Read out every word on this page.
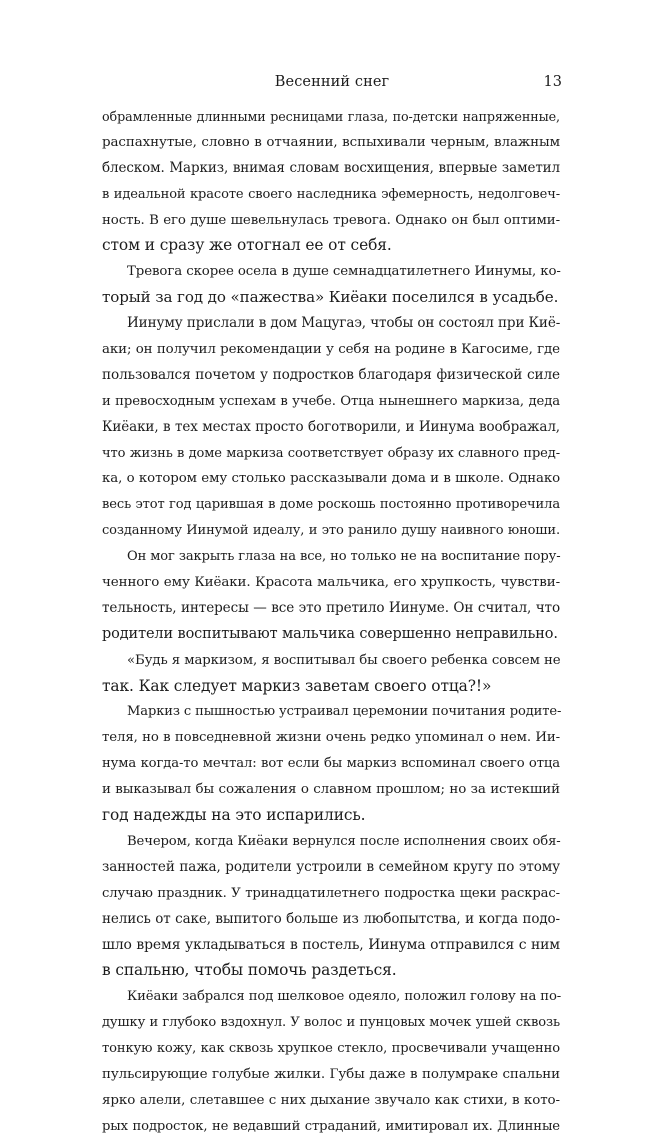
Весенний снег	13
обрамленные длинными ресницами глаза, по-детски напряженные,
распахнутые, словно в отчаянии, вспыхивали черным, влажным
блеском. Маркиз, внимая словам восхищения, впервые заметил
в идеальной красоте своего наследника эфемерность, недолговеч-
ность. В его душе шевельнулась тревога. Однако он был оптими-
стом и сразу же отогнал ее от себя.
Тревога скорее осела в душе семнадцатилетнего Иинумы, ко-
торый за год до «пажества» Киёаки поселился в усадьбе.
Иинуму прислали в дом Мацугаэ, чтобы он состоял при Киё-
аки; он получил рекомендации у себя на родине в Кагосиме, где
пользовался почетом у подростков благодаря физической силе
и превосходным успехам в учебе. Отца нынешнего маркиза, деда
Киёаки, в тех местах просто боготворили, и Иинума воображал,
что жизнь в доме маркиза соответствует образу их славного пред-
ка, о котором ему столько рассказывали дома и в школе. Однако
весь этот год царившая в доме роскошь постоянно противоречила
созданному Иинумой идеалу, и это ранило душу наивного юноши.
Он мог закрыть глаза на все, но только не на воспитание пору-
ченного ему Киёаки. Красота мальчика, его хрупкость, чувстви-
тельность, интересы — все это претило Иинуме. Он считал, что
родители воспитывают мальчика совершенно неправильно.
«Будь я маркизом, я воспитывал бы своего ребенка совсем не
так. Как следует маркиз заветам своего отца?!»
Маркиз с пышностью устраивал церемонии почитания родите-
теля, но в повседневной жизни очень редко упоминал о нем. Ии-
нума когда-то мечтал: вот если бы маркиз вспоминал своего отца
и выказывал бы сожаления о славном прошлом; но за истекший
год надежды на это испарились.
Вечером, когда Киёаки вернулся после исполнения своих обя-
занностей пажа, родители устроили в семейном кругу по этому
случаю праздник. У тринадцатилетнего подростка щеки раскрас-
нелись от саке, выпитого больше из любопытства, и когда подо-
шло время укладываться в постель, Иинума отправился с ним
в спальню, чтобы помочь раздеться.
Киёаки забрался под шелковое одеяло, положил голову на по-
душку и глубоко вздохнул. У волос и пунцовых мочек ушей сквозь
тонкую кожу, как сквозь хрупкое стекло, просвечивали учащенно
пульсирующие голубые жилки. Губы даже в полумраке спальни
ярко алели, слетавшее с них дыхание звучало как стихи, в кото-
рых подросток, не ведавший страданий, имитировал их. Длинные
